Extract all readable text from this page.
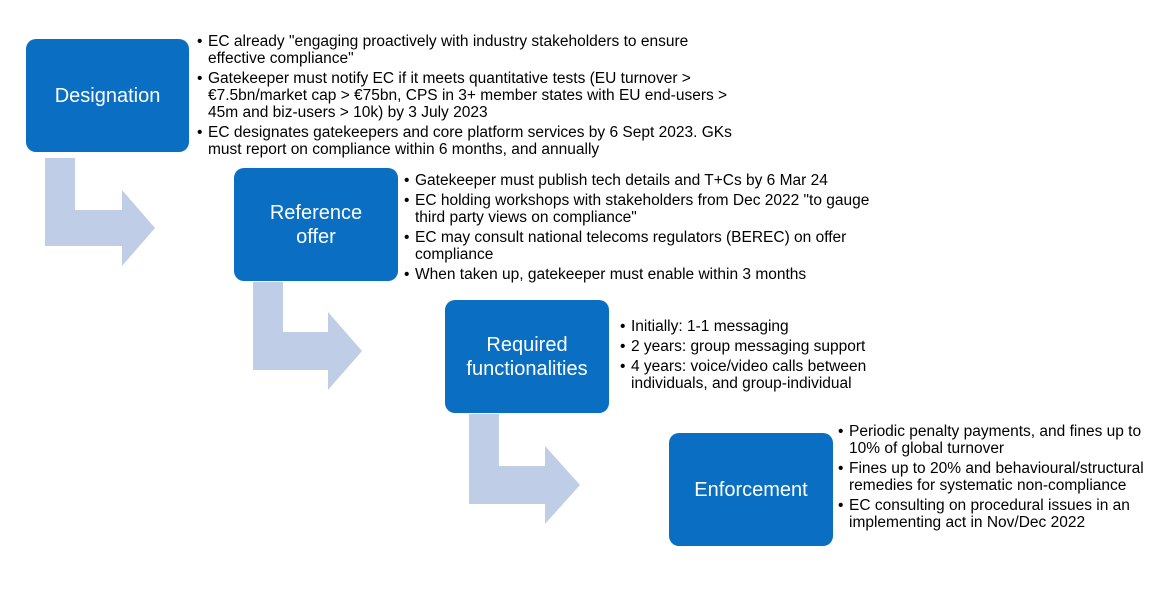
Designation
• EC already "engaging proactively with industry stakeholders to ensure effective compliance"
• Gatekeeper must notify EC if it meets quantitative tests (EU turnover > €7.5bn/market cap > €75bn, CPS in 3+ member states with EU end-users > 45m and biz-users > 10k) by 3 July 2023
• EC designates gatekeepers and core platform services by 6 Sept 2023. GKs must report on compliance within 6 months, and annually
Reference offer
• Gatekeeper must publish tech details and T+Cs by 6 Mar 24
• EC holding workshops with stakeholders from Dec 2022 "to gauge third party views on compliance"
• EC may consult national telecoms regulators (BEREC) on offer compliance
• When taken up, gatekeeper must enable within 3 months
Required functionalities
• Initially: 1-1 messaging
• 2 years: group messaging support
• 4 years: voice/video calls between individuals, and group-individual
Enforcement
• Periodic penalty payments, and fines up to 10% of global turnover
• Fines up to 20% and behavioural/structural remedies for systematic non-compliance
• EC consulting on procedural issues in an implementing act in Nov/Dec 2022
